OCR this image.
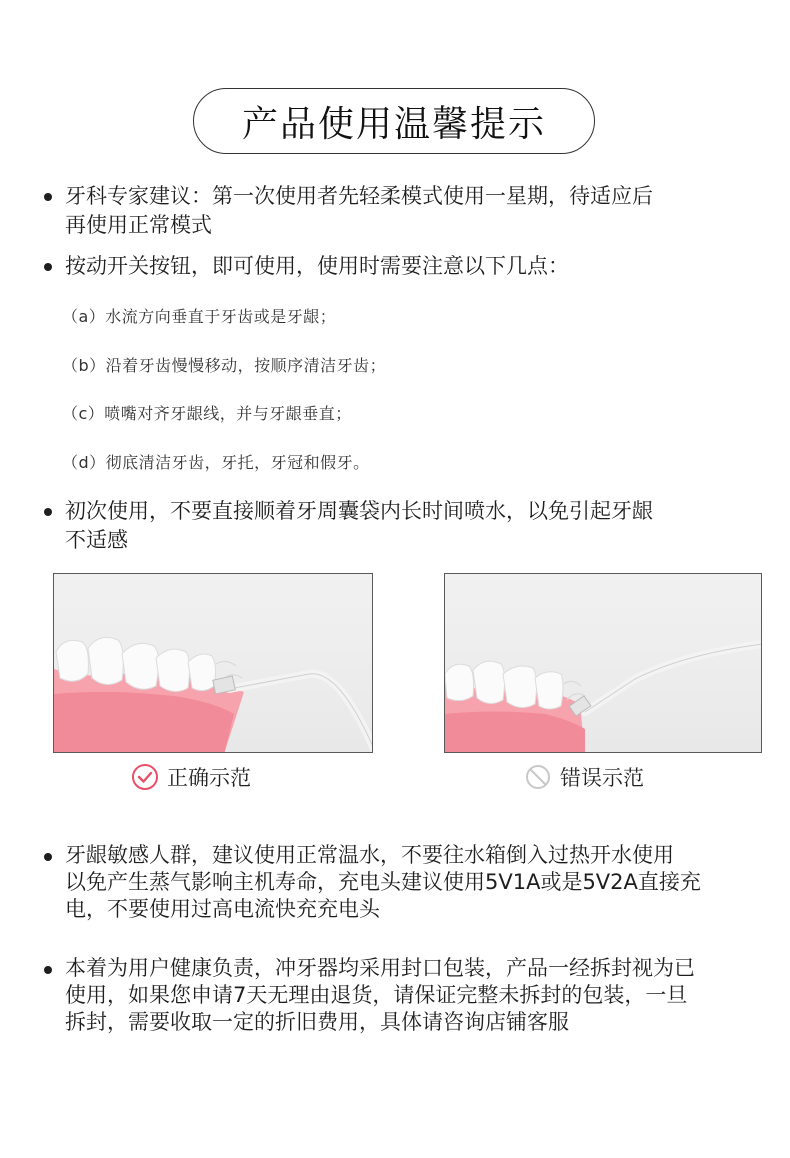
产品使用温馨提示
牙科专家建议：第一次使用者先轻柔模式使用一星期，待适应后
再使用正常模式
按动开关按钮，即可使用，使用时需要注意以下几点：
（a）水流方向垂直于牙齿或是牙龈；
（b）沿着牙齿慢慢移动，按顺序清洁牙齿；
（c）喷嘴对齐牙龈线，并与牙龈垂直；
（d）彻底清洁牙齿，牙托，牙冠和假牙。
初次使用，不要直接顺着牙周囊袋内长时间喷水，以免引起牙龈
不适感
正确示范	错误示范
牙龈敏感人群，建议使用正常温水，不要往水箱倒入过热开水使用
以免产生蒸气影响主机寿命，充电头建议使用5V1A或是5V2A直接充
电，不要使用过高电流快充充电头
本着为用户健康负责，冲牙器均采用封口包装，产品一经拆封视为已
使用，如果您申请7天无理由退货，请保证完整未拆封的包装，一旦
拆封，需要收取一定的折旧费用，具体请咨询店铺客服
